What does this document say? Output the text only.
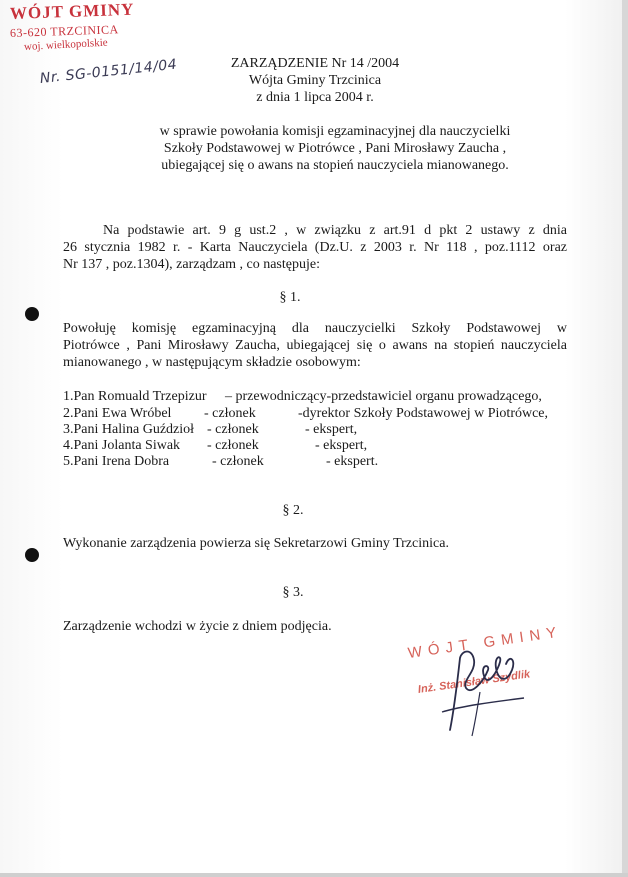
WÓJT GMINY
63-620 TRZCINICA
woj. wielkopolskie
Nr. SG-0151/14/04	ZARZĄDZENIE Nr 14 /2004
Wójta Gminy Trzcinica
z dnia 1 lipca 2004 r.
w sprawie powołania komisji egzaminacyjnej dla nauczycielki
Szkoły Podstawowej w Piotrówce , Pani Mirosławy Zaucha ,
ubiegającej się o awans na stopień nauczyciela mianowanego.
Na podstawie art. 9 g ust.2 , w związku z art.91 d pkt 2 ustawy z dnia
26 stycznia 1982 r. - Karta Nauczyciela (Dz.U. z 2003 r. Nr 118 , poz.1112 oraz
Nr 137 , poz.1304), zarządzam , co następuje:
§ 1.
Powołuję komisję egzaminacyjną dla nauczycielki Szkoły Podstawowej w
Piotrówce , Pani Mirosławy Zaucha, ubiegającej się o awans na stopień nauczyciela
mianowanego , w następującym składzie osobowym:
1.Pan Romuald Trzepizur – przewodniczący-przedstawiciel organu prowadzącego,
2.Pani Ewa Wróbel - członek	-dyrektor Szkoły Podstawowej w Piotrówce,
3.Pani Halina Guździoł - członek	- ekspert,
4.Pani Jolanta Siwak - członek	- ekspert,
5.Pani Irena Dobra	- członek	- ekspert.
§ 2.
Wykonanie zarządzenia powierza się Sekretarzowi Gminy Trzcinica.
§ 3.
Zarządzenie wchodzi w życie z dniem podjęcia.	WÓJT GMINY
Inż. Stanisław Szydlik
